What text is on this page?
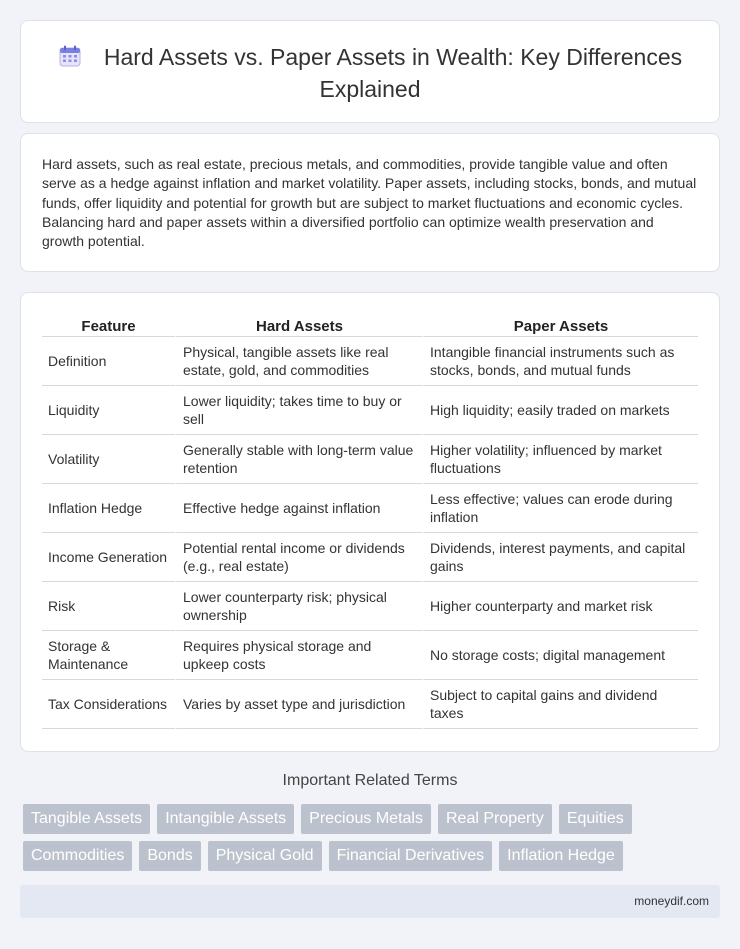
Hard Assets vs. Paper Assets in Wealth: Key Differences
Explained

Hard assets, such as real estate, precious metals, and commodities, provide tangible value and often serve as a hedge against inflation and market volatility. Paper assets, including stocks, bonds, and mutual funds, offer liquidity and potential for growth but are subject to market fluctuations and economic cycles. Balancing hard and paper assets within a diversified portfolio can optimize wealth preservation and growth potential.

Feature	Hard Assets	Paper Assets
Definition	Physical, tangible assets like real estate, gold, and commodities	Intangible financial instruments such as stocks, bonds, and mutual funds
Liquidity	Lower liquidity; takes time to buy or sell	High liquidity; easily traded on markets
Volatility	Generally stable with long-term value retention	Higher volatility; influenced by market fluctuations
Inflation Hedge	Effective hedge against inflation	Less effective; values can erode during inflation
Income Generation	Potential rental income or dividends (e.g., real estate)	Dividends, interest payments, and capital gains
Risk	Lower counterparty risk; physical ownership	Higher counterparty and market risk
Storage & Maintenance	Requires physical storage and upkeep costs	No storage costs; digital management
Tax Considerations	Varies by asset type and jurisdiction	Subject to capital gains and dividend taxes
Important Related Terms
Tangible Assets	Intangible Assets	Precious Metals	Real Property	Equities
Commodities	Bonds	Physical Gold	Financial Derivatives	Inflation Hedge
moneydif.com
